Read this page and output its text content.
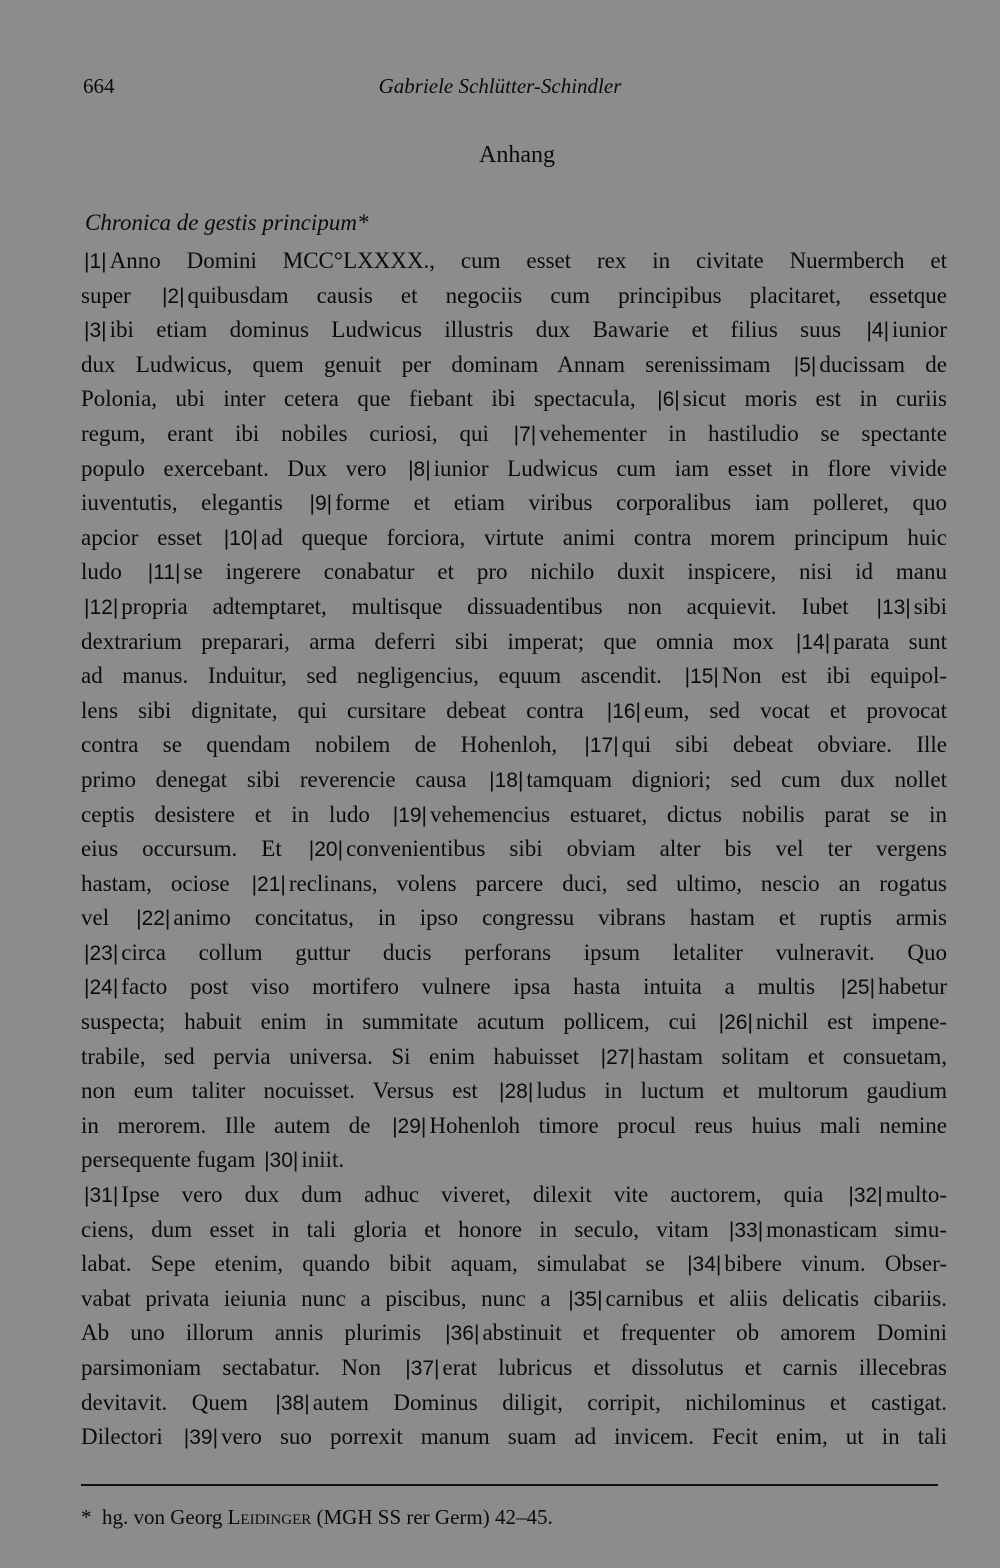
664	Gabriele Schlütter-Schindler
Anhang
Chronica de gestis principum*
|1| Anno Domini MCC°LXXXX., cum esset rex in civitate Nuermberch et
super |2| quibusdam causis et negociis cum principibus placitaret, essetque
|3| ibi etiam dominus Ludwicus illustris dux Bawarie et filius suus |4| iunior
dux Ludwicus, quem genuit per dominam Annam serenissimam |5| ducissam de
Polonia, ubi inter cetera que fiebant ibi spectacula, |6| sicut moris est in curiis
regum, erant ibi nobiles curiosi, qui |7| vehementer in hastiludio se spectante
populo exercebant. Dux vero |8| iunior Ludwicus cum iam esset in flore vivide
iuventutis, elegantis |9| forme et etiam viribus corporalibus iam polleret, quo
apcior esset |10| ad queque forciora, virtute animi contra morem principum huic
ludo |11| se ingerere conabatur et pro nichilo duxit inspicere, nisi id manu
|12| propria adtemptaret, multisque dissuadentibus non acquievit. Iubet |13| sibi
dextrarium preparari, arma deferri sibi imperat; que omnia mox |14| parata sunt
ad manus. Induitur, sed negligencius, equum ascendit. |15| Non est ibi equipol-
lens sibi dignitate, qui cursitare debeat contra |16| eum, sed vocat et provocat
contra se quendam nobilem de Hohenloh, |17| qui sibi debeat obviare. Ille
primo denegat sibi reverencie causa |18| tamquam digniori; sed cum dux nollet
ceptis desistere et in ludo |19| vehemencius estuaret, dictus nobilis parat se in
eius occursum. Et |20| convenientibus sibi obviam alter bis vel ter vergens
hastam, ociose |21| reclinans, volens parcere duci, sed ultimo, nescio an rogatus
vel |22| animo concitatus, in ipso congressu vibrans hastam et ruptis armis
|23| circa collum guttur ducis perforans ipsum letaliter vulneravit. Quo
|24| facto post viso mortifero vulnere ipsa hasta intuita a multis |25| habetur
suspecta; habuit enim in summitate acutum pollicem, cui |26| nichil est impene-
trabile, sed pervia universa. Si enim habuisset |27| hastam solitam et consuetam,
non eum taliter nocuisset. Versus est |28| ludus in luctum et multorum gaudium
in merorem. Ille autem de |29| Hohenloh timore procul reus huius mali nemine
persequente fugam |30| iniit.
|31| Ipse vero dux dum adhuc viveret, dilexit vite auctorem, quia |32| multo-
ciens, dum esset in tali gloria et honore in seculo, vitam |33| monasticam simu-
labat. Sepe etenim, quando bibit aquam, simulabat se |34| bibere vinum. Obser-
vabat privata ieiunia nunc a piscibus, nunc a |35| carnibus et aliis delicatis cibariis.
Ab uno illorum annis plurimis |36| abstinuit et frequenter ob amorem Domini
parsimoniam sectabatur. Non |37| erat lubricus et dissolutus et carnis illecebras
devitavit. Quem |38| autem Dominus diligit, corripit, nichilominus et castigat.
Dilectori |39| vero suo porrexit manum suam ad invicem. Fecit enim, ut in tali
* hg. von Georg Leidinger (MGH SS rer Germ) 42–45.
